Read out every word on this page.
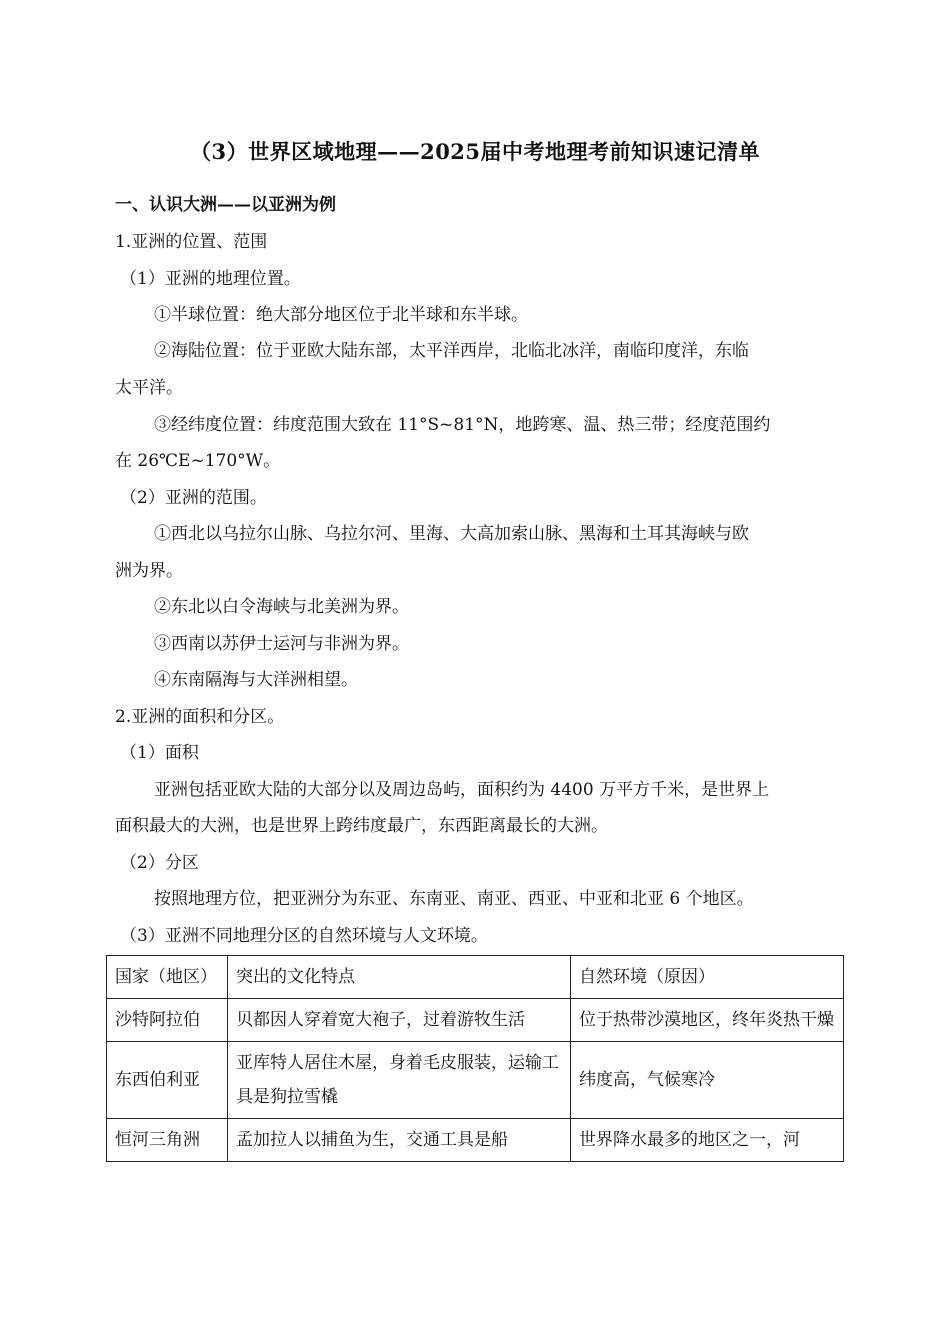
（3）世界区域地理——2025届中考地理考前知识速记清单
一、认识大洲——以亚洲为例
1.亚洲的位置、范围
（1）亚洲的地理位置。
①半球位置：绝大部分地区位于北半球和东半球。
②海陆位置：位于亚欧大陆东部，太平洋西岸，北临北冰洋，南临印度洋，东临
太平洋。
③经纬度位置：纬度范围大致在 11°S~81°N，地跨寒、温、热三带；经度范围约
在 26℃E~170°W。
（2）亚洲的范围。
①西北以乌拉尔山脉、乌拉尔河、里海、大高加索山脉、黑海和土耳其海峡与欧
洲为界。
②东北以白令海峡与北美洲为界。
③西南以苏伊士运河与非洲为界。
④东南隔海与大洋洲相望。
2.亚洲的面积和分区。
（1）面积
亚洲包括亚欧大陆的大部分以及周边岛屿，面积约为 4400 万平方千米，是世界上
面积最大的大洲，也是世界上跨纬度最广，东西距离最长的大洲。
（2）分区
按照地理方位，把亚洲分为东亚、东南亚、南亚、西亚、中亚和北亚 6 个地区。
（3）亚洲不同地理分区的自然环境与人文环境。
国家（地区）	突出的文化特点	自然环境（原因）
沙特阿拉伯	贝都因人穿着宽大袍子，过着游牧生活	位于热带沙漠地区，终年炎热干燥
东西伯利亚	亚库特人居住木屋，身着毛皮服装，运输工具是狗拉雪橇	纬度高，气候寒冷
恒河三角洲	孟加拉人以捕鱼为生，交通工具是船	世界降水最多的地区之一，河
